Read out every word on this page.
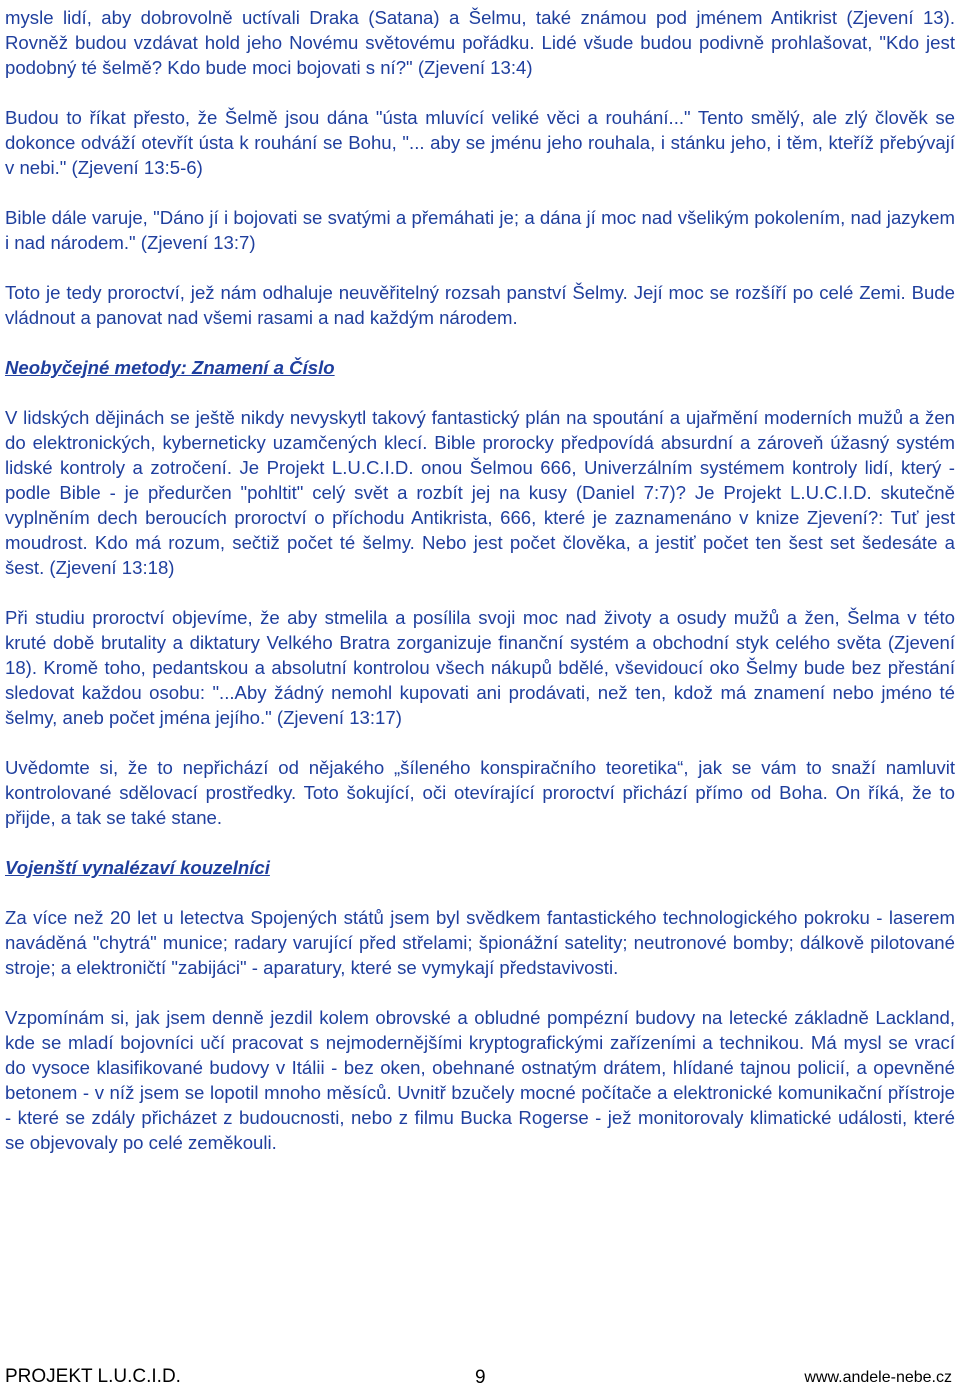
mysle lidí, aby dobrovolně uctívali Draka (Satana) a Šelmu, také známou pod jménem Antikrist (Zjevení 13). Rovněž budou vzdávat hold jeho Novému světovému pořádku. Lidé všude budou podivně prohlašovat, "Kdo jest podobný té šelmě? Kdo bude moci bojovati s ní?" (Zjevení 13:4)

Budou to říkat přesto, že Šelmě jsou dána "ústa mluvící veliké věci a rouhání..." Tento smělý, ale zlý člověk se dokonce odváží otevřít ústa k rouhání se Bohu, "... aby se jménu jeho rouhala, i stánku jeho, i těm, kteříž přebývají v nebi." (Zjevení 13:5-6)

Bible dále varuje, "Dáno jí i bojovati se svatými a přemáhati je; a dána jí moc nad všelikým pokolením, nad jazykem i nad národem." (Zjevení 13:7)

Toto je tedy proroctví, jež nám odhaluje neuvěřitelný rozsah panství Šelmy. Její moc se rozšíří po celé Zemi. Bude vládnout a panovat nad všemi rasami a nad každým národem.

Neobyčejné metody: Znamení a Číslo

V lidských dějinách se ještě nikdy nevyskytl takový fantastický plán na spoutání a ujařmění moderních mužů a žen do elektronických, kyberneticky uzamčených klecí. Bible prorocky předpovídá absurdní a zároveň úžasný systém lidské kontroly a zotročení. Je Projekt L.U.C.I.D. onou Šelmou 666, Univerzálním systémem kontroly lidí, který - podle Bible - je předurčen "pohltit" celý svět a rozbít jej na kusy (Daniel 7:7)? Je Projekt L.U.C.I.D. skutečně vyplněním dech beroucích proroctví o příchodu Antikrista, 666, které je zaznamenáno v knize Zjevení?: Tuť jest moudrost. Kdo má rozum, sečtiž počet té šelmy. Nebo jest počet člověka, a jestiť počet ten šest set šedesáte a šest. (Zjevení 13:18)

Při studiu proroctví objevíme, že aby stmelila a posílila svoji moc nad životy a osudy mužů a žen, Šelma v této kruté době brutality a diktatury Velkého Bratra zorganizuje finanční systém a obchodní styk celého světa (Zjevení 18). Kromě toho, pedantskou a absolutní kontrolou všech nákupů bdělé, vševidoucí oko Šelmy bude bez přestání sledovat každou osobu: "...Aby žádný nemohl kupovati ani prodávati, než ten, kdož má znamení nebo jméno té šelmy, aneb počet jména jejího." (Zjevení 13:17)

Uvědomte si, že to nepřichází od nějakého „šíleného konspiračního teoretika“, jak se vám to snaží namluvit kontrolované sdělovací prostředky. Toto šokující, oči otevírající proroctví přichází přímo od Boha. On říká, že to přijde, a tak se také stane.

Vojenští vynalézaví kouzelníci

Za více než 20 let u letectva Spojených států jsem byl svědkem fantastického technologického pokroku - laserem naváděná "chytrá" munice; radary varující před střelami; špionážní satelity; neutronové bomby; dálkově pilotované stroje; a elektroničtí "zabijáci" - aparatury, které se vymykají představivosti.

Vzpomínám si, jak jsem denně jezdil kolem obrovské a obludné pompézní budovy na letecké základně Lackland, kde se mladí bojovníci učí pracovat s nejmodernějšími kryptografickými zařízeními a technikou. Má mysl se vrací do vysoce klasifikované budovy v Itálii - bez oken, obehnané ostnatým drátem, hlídané tajnou policií, a opevněné betonem - v níž jsem se lopotil mnoho měsíců. Uvnitř bzučely mocné počítače a elektronické komunikační přístroje - které se zdály přicházet z budoucnosti, nebo z filmu Bucka Rogerse - jež monitorovaly klimatické události, které se objevovaly po celé zeměkouli.

PROJEKT L.U.C.I.D.	9	www.andele-nebe.cz
